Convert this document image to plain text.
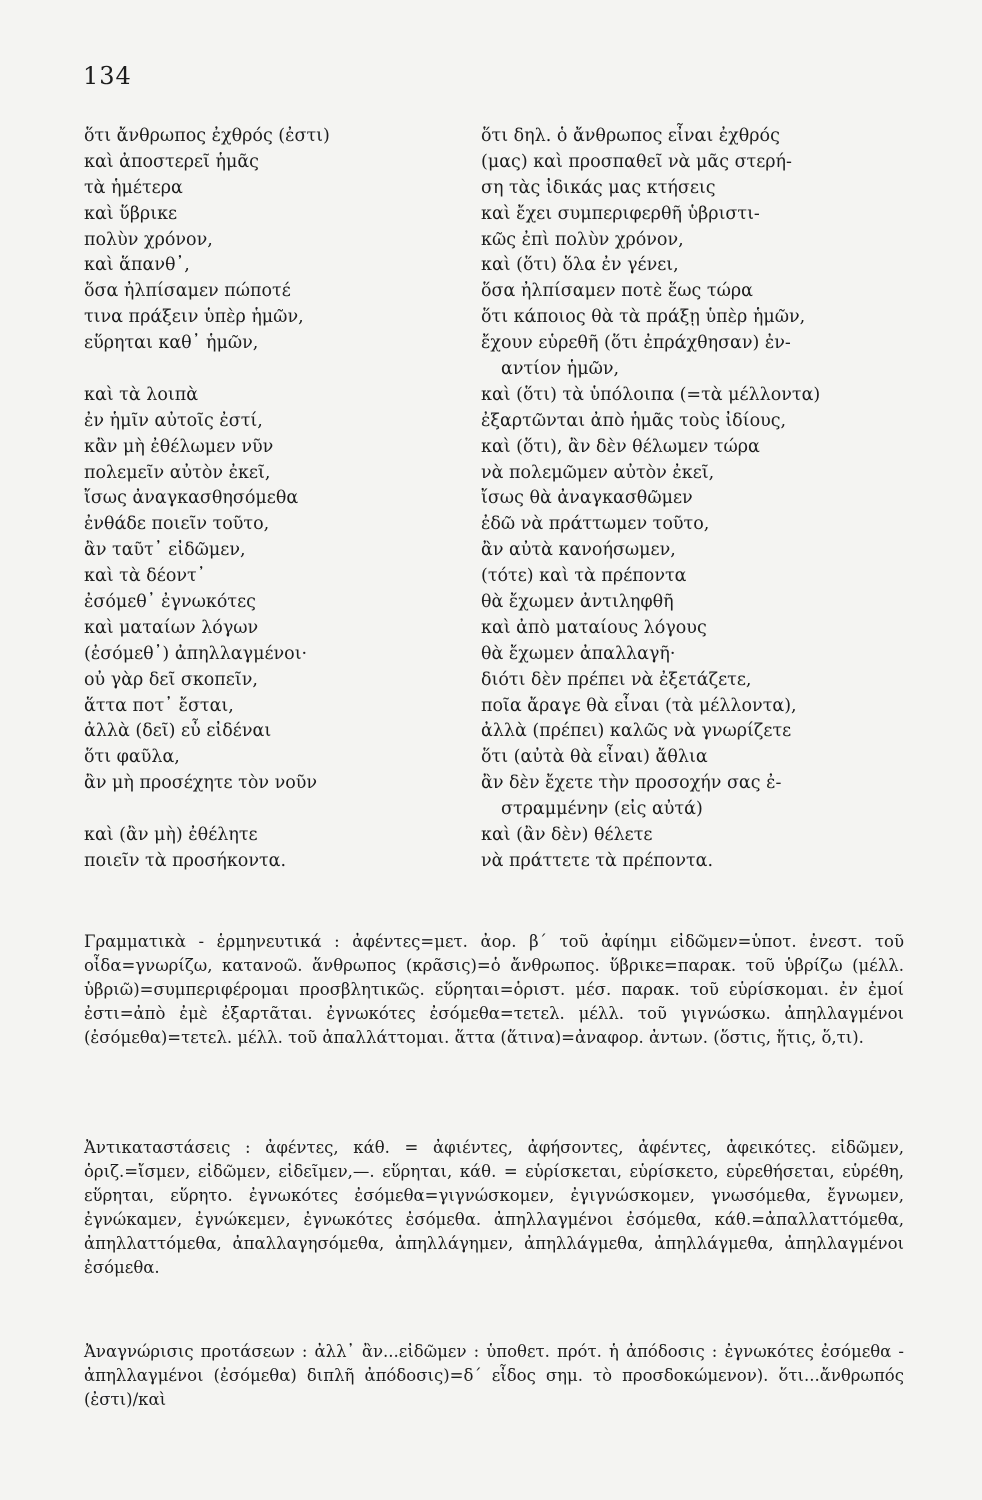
134
ὅτι ἄνθρωπος ἐχθρός (ἐστι)
καὶ ἀποστερεῖ ἡμᾶς
τὰ ἡμέτερα
καὶ ὕβρικε
πολὺν χρόνον,
καὶ ἅπανθ᾽,
ὅσα ἠλπίσαμεν πώποτέ
τινα πράξειν ὑπὲρ ἡμῶν,
εὕρηται καθ᾽ ἡμῶν,
καὶ τὰ λοιπὰ
ἐν ἡμῖν αὐτοῖς ἐστί,
κἂν μὴ ἐθέλωμεν νῦν
πολεμεῖν αὐτὸν ἐκεῖ,
ἴσως ἀναγκασθησόμεθα
ἐνθάδε ποιεῖν τοῦτο,
ἂν ταῦτ᾽ εἰδῶμεν,
καὶ τὰ δέοντ᾽
ἐσόμεθ᾽ ἐγνωκότες
καὶ ματαίων λόγων
(ἐσόμεθ᾽) ἀπηλλαγμένοι·
οὐ γὰρ δεῖ σκοπεῖν,
ἅττα ποτ᾽ ἔσται,
ἀλλὰ (δεῖ) εὖ εἰδέναι
ὅτι φαῦλα,
ἂν μὴ προσέχητε τὸν νοῦν
καὶ (ἂν μὴ) ἐθέλητε
ποιεῖν τὰ προσήκοντα.
ὅτι δηλ. ὁ ἄνθρωπος εἶναι ἐχθρός
(μας) καὶ προσπαθεῖ νὰ μᾶς στερή-
ση τὰς ἰδικάς μας κτήσεις
καὶ ἔχει συμπεριφερθῆ ὑβριστι-
κῶς ἐπὶ πολὺν χρόνον,
καὶ (ὅτι) ὅλα ἐν γένει,
ὅσα ἠλπίσαμεν ποτὲ ἕως τώρα
ὅτι κάποιος θὰ τὰ πράξῃ ὑπὲρ ἡμῶν,
ἔχουν εὑρεθῆ (ὅτι ἐπράχθησαν) ἐν-
αντίον ἡμῶν,
καὶ (ὅτι) τὰ ὑπόλοιπα (=τὰ μέλλοντα)
ἐξαρτῶνται ἀπὸ ἡμᾶς τοὺς ἰδίους,
καὶ (ὅτι), ἂν δὲν θέλωμεν τώρα
νὰ πολεμῶμεν αὐτὸν ἐκεῖ,
ἴσως θὰ ἀναγκασθῶμεν
ἐδῶ νὰ πράττωμεν τοῦτο,
ἂν αὐτὰ κανοήσωμεν,
(τότε) καὶ τὰ πρέποντα
θὰ ἔχωμεν ἀντιληφθῆ
καὶ ἀπὸ ματαίους λόγους
θὰ ἔχωμεν ἀπαλλαγῆ·
διότι δὲν πρέπει νὰ ἐξετάζετε,
ποῖα ἄραγε θὰ εἶναι (τὰ μέλλοντα),
ἀλλὰ (πρέπει) καλῶς νὰ γνωρίζετε
ὅτι (αὐτὰ θὰ εἶναι) ἄθλια
ἂν δὲν ἔχετε τὴν προσοχήν σας ἐ-
στραμμένην (εἰς αὐτά)
καὶ (ἂν δὲν) θέλετε
νὰ πράττετε τὰ πρέποντα.

Γραμματικὰ - ἑρμηνευτικά : ἀφέντες=μετ. ἀορ. β΄ τοῦ ἀφίημι εἰδῶμεν=ὑποτ. ἐνεστ. τοῦ οἶδα=γνωρίζω, κατανοῶ. ἅνθρωπος (κρᾶσις)=ὁ ἄνθρωπος. ὕβρικε=παρακ. τοῦ ὑβρίζω (μέλλ. ὑβριῶ)=συμπεριφέρομαι προσβλητικῶς. εὕρηται=ὁριστ. μέσ. παρακ. τοῦ εὑρίσκομαι. ἐν ἐμοί ἐστι=ἀπὸ ἐμὲ ἐξαρτᾶται. ἐγνωκότες ἐσόμεθα=τετελ. μέλλ. τοῦ γιγνώσκω. ἀπηλλαγμένοι (ἐσόμεθα)=τετελ. μέλλ. τοῦ ἀπαλλάττομαι. ἅττα (ἅτινα)=ἀναφορ. ἀντων. (ὅστις, ἥτις, ὅ,τι).

Ἀντικαταστάσεις : ἀφέντες, κάθ. = ἀφιέντες, ἀφήσοντες, ἀφέντες, ἀφεικότες. εἰδῶμεν, ὁριζ.=ἴσμεν, εἰδῶμεν, εἰδεῖμεν,—. εὕρηται, κάθ. = εὑρίσκεται, εὑρίσκετο, εὑρεθήσεται, εὑρέθη, εὕρηται, εὕρητο. ἐγνωκότες ἐσόμεθα=γιγνώσκομεν, ἐγιγνώσκομεν, γνωσόμεθα, ἔγνωμεν, ἐγνώκαμεν, ἐγνώκεμεν, ἐγνωκότες ἐσόμεθα. ἀπηλλαγμένοι ἐσόμεθα, κάθ.=ἀπαλλαττόμεθα, ἀπηλλαττόμεθα, ἀπαλλαγησόμεθα, ἀπηλλάγημεν, ἀπηλλάγμεθα, ἀπηλλάγμεθα, ἀπηλλαγμένοι ἐσόμεθα.

Ἀναγνώρισις προτάσεων : ἀλλ᾽ ἂν...εἰδῶμεν : ὑποθετ. πρότ. ἡ ἀπόδοσις : ἐγνωκότες ἐσόμεθα - ἀπηλλαγμένοι (ἐσόμεθα) διπλῆ ἀπόδοσις)=δ΄ εἶδος σημ. τὸ προσδοκώμενον). ὅτι...ἄνθρωπός (ἐστι)/καὶ
